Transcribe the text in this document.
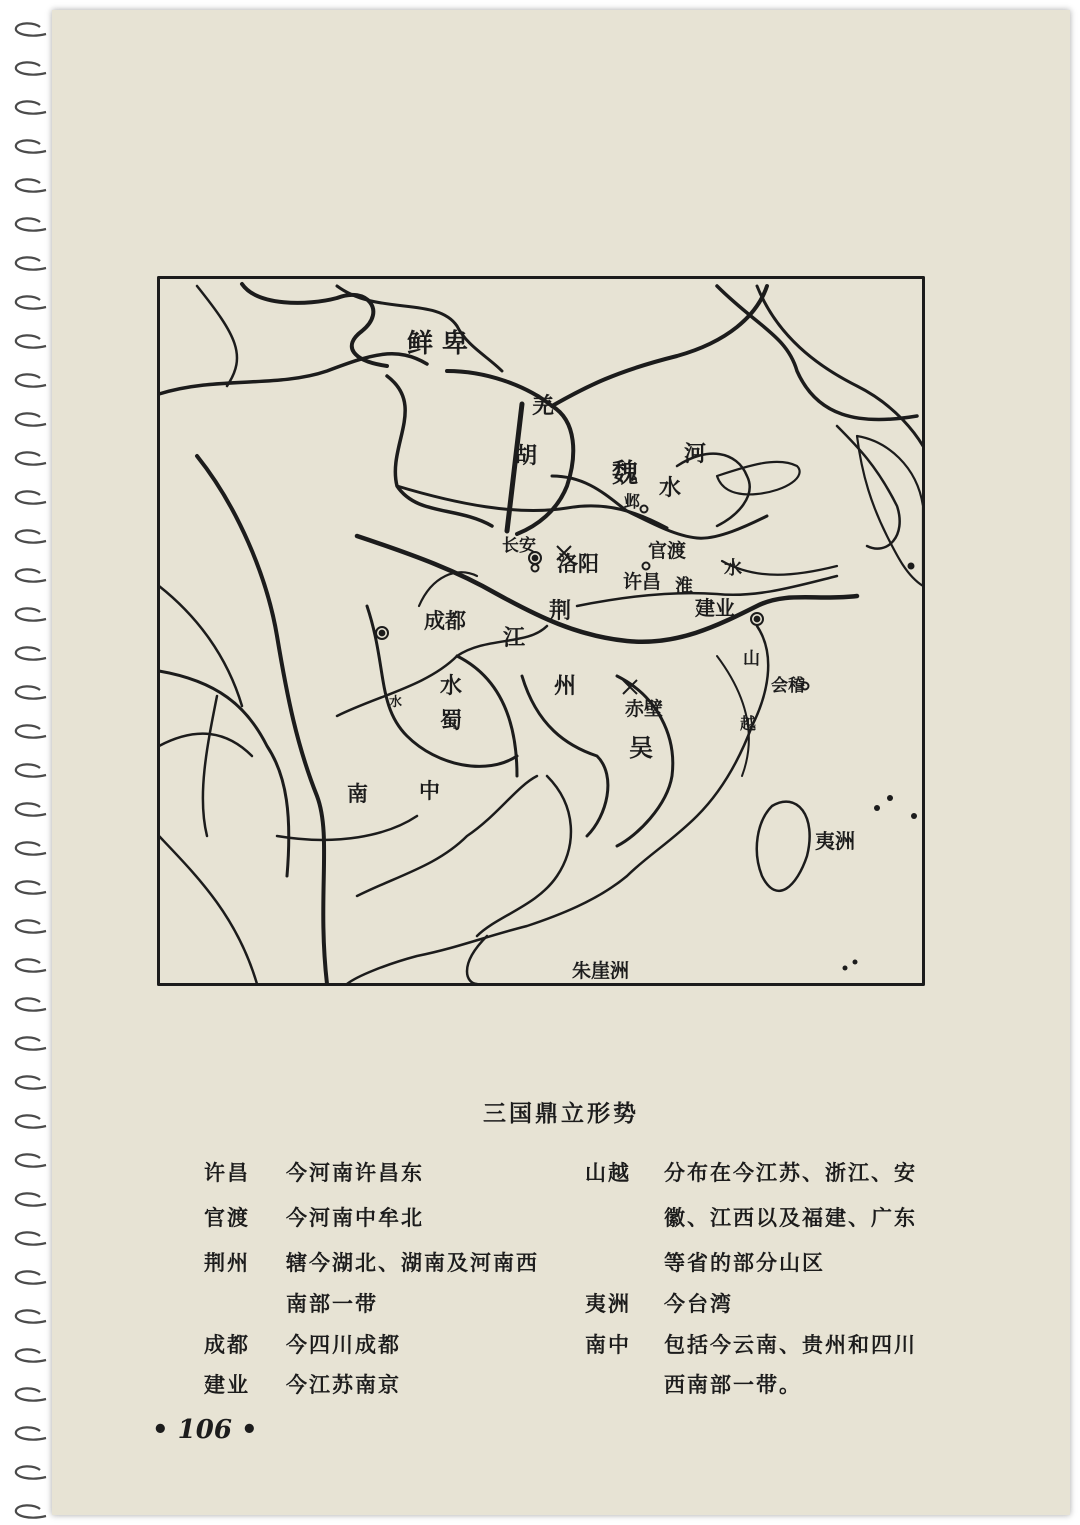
鲜 卑
羌
胡
魏
邺
河
水
长安
洛阳
官渡
许昌 淮
水
建业
荆
江
州
成都
水
蜀
水	赤壁
吴
山
越
会稽
南 中
夷洲
朱崖洲
三国鼎立形势
许昌 今河南许昌东
官渡 今河南中牟北
荆州 辖今湖北、湖南及河南西
南部一带
成都 今四川成都
建业 今江苏南京
山越 分布在今江苏、浙江、安
徽、江西以及福建、广东
等省的部分山区
夷洲 今台湾
南中 包括今云南、贵州和四川
西南部一带。
• 106 •
